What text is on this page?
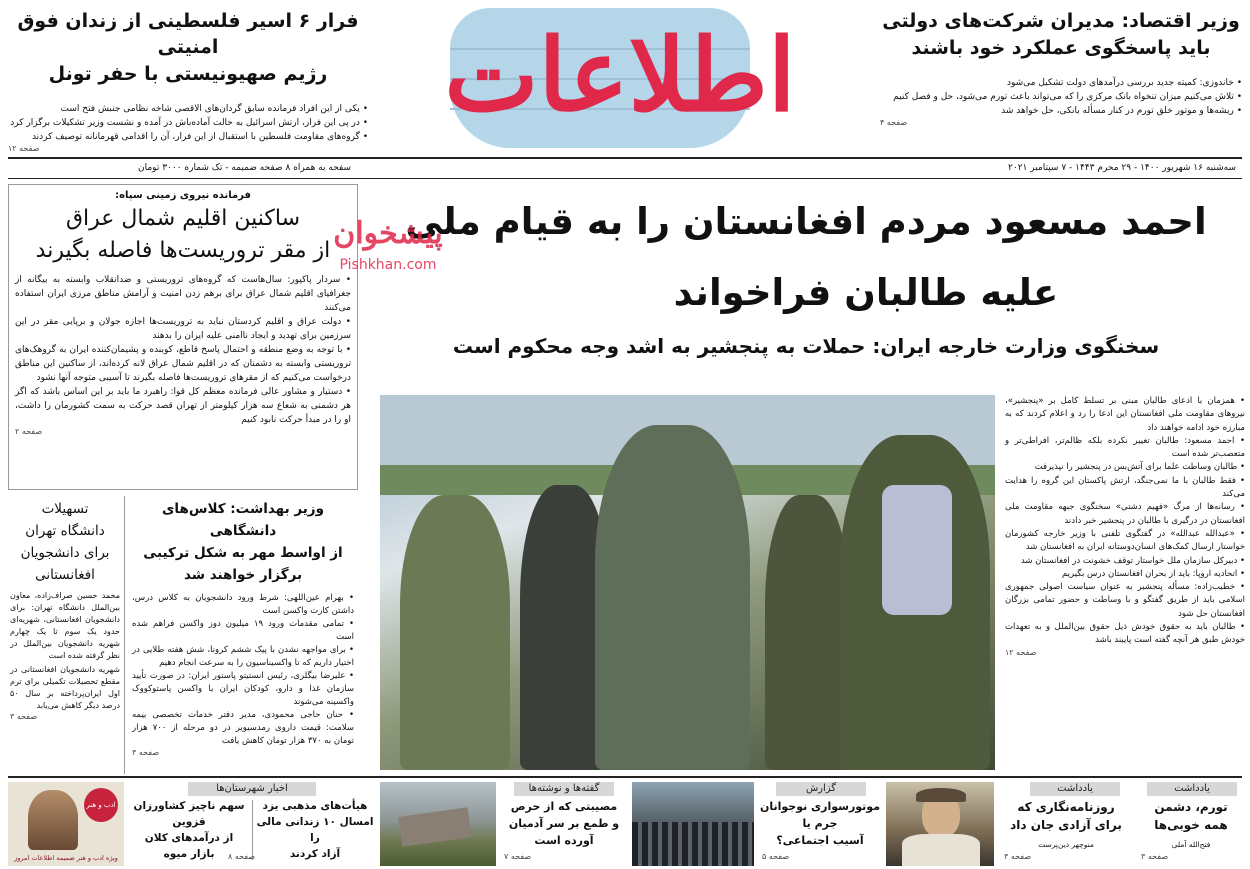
اطلاعات
فرار ۶ اسیر فلسطینی از زندان فوق امنیتی
رژیم صهیونیستی با حفر تونل
• یکی از این افراد فرمانده سابق گردان‌های الاقصی شاخه نظامی جنبش فتح است
• در پی این فرار، ارتش اسرائیل به حالت آماده‌باش در آمده و نشست وزیر تشکیلات برگزار کرد
• گروه‌های مقاومت فلسطین با استقبال از این فرار، آن را اقدامی قهرمانانه توصیف کردند
صفحه ۱۲
وزیر اقتصاد: مدیران شرکت‌های دولتی
باید پاسخگوی عملکرد خود باشند
• خاندوزی: کمیته جدید بررسی درآمدهای دولت تشکیل می‌شود
• تلاش می‌کنیم میزان تنخواه بانک مرکزی را که می‌تواند باعث تورم می‌شود، حل و فصل کنیم
• ریشه‌ها و موتور خلق تورم در کنار مسأله بانکی، حل خواهد شد
صفحه ۴
سه‌شنبه ۱۶ شهریور ۱۴۰۰ - ۲۹ محرم ۱۴۴۳ - ۷ سپتامبر ۲۰۲۱
سفحه به همراه ۸ صفحه ضمیمه - تک شماره ۳۰۰۰ تومان
فرمانده نیروی زمینی سپاه:
ساکنین اقلیم شمال عراق
از مقر تروریست‌ها فاصله بگیرند
• سردار پاکپور: سال‌هاست که گروه‌های تروریستی و ضدانقلاب وابسته به بیگانه از جغرافیای اقلیم شمال عراق برای برهم زدن امنیت و آرامش مناطق مرزی ایران استفاده می‌کنند
• دولت عراق و اقلیم کردستان نباید به تروریست‌ها اجازه جولان و برپایی مقر در این سرزمین برای تهدید و ایجاد ناامنی علیه ایران را بدهند
• با توجه به وضع منطقه و احتمال پاسخ قاطع، کوبنده و پشیمان‌کننده ایران به گروهک‌های تروریستی وابسته به دشمنان که در اقلیم شمال عراق لانه کرده‌اند، از ساکنین این مناطق درخواست می‌کنیم که از مقرهای تروریست‌ها فاصله بگیرند تا آسیبی متوجه آنها نشود
• دستیار و مشاور عالی فرمانده معظم کل قوا: راهبرد ما باید بر این اساس باشد که اگر هر دشمنی به شعاع سه هزار کیلومتر از تهران قصد حرکت به سمت کشورمان را داشت، او را در مبدأ حرکت نابود کنیم
صفحه ۲
وزیر بهداشت: کلاس‌های دانشگاهی
از اواسط مهر به شکل ترکیبی
برگزار خواهند شد
• بهرام عین‌اللهی: شرط ورود دانشجویان به کلاس درس، داشتن کارت واکسن است
• تمامی مقدمات ورود ۱۹ میلیون دوز واکسن فراهم شده است
• برای مواجهه نشدن با پیک ششم کرونا، شش هفته طلایی در اختیار داریم که تا واکسیناسیون را به سرعت انجام دهیم
• علیرضا بیگلری، رئیس انستیتو پاستور ایران: در صورت تأیید سازمان غذا و دارو، کودکان ایران با واکسن پاستوکووک واکسینه می‌شوند
• حنان حاجی محمودی، مدیر دفتر خدمات تخصصی بیمه سلامت: قیمت داروی رمدسیویر در دو مرحله از ۷۰۰ هزار تومان به ۳۷۰ هزار تومان کاهش یافت
صفحه ۳
تسهیلات
دانشگاه تهران
برای دانشجویان
افغانستانی
محمد حسین صراف‌زاده، معاون بین‌الملل دانشگاه تهران: برای دانشجویان افغانستانی، شهریه‌ای حدود یک سوم تا یک چهارم شهریه دانشجویان بین‌الملل در نظر گرفته شده است
شهریه دانشجویان افغانستانی در مقطع تحصیلات تکمیلی برای ترم اول ایران‌پرداخته بر سال ۵۰ درصد دیگر کاهش می‌یابد
صفحه ۳
احمد مسعود مردم افغانستان را به قیام ملی
علیه طالبان فراخواند
سخنگوی وزارت خارجه ایران: حملات به پنجشیر به اشد وجه محکوم است
پیشخوان
Pishkhan.com
• همزمان با ادعای طالبان مبنی بر تسلط کامل بر «پنجشیر»، نیروهای مقاومت ملی افغانستان این ادعا را رد و اعلام کردند که به مبارزه خود ادامه خواهند داد
• احمد مسعود: طالبان تغییر نکرده بلکه ظالم‌تر، افراطی‌تر و متعصب‌تر شده است
• طالبان وساطت علما برای آتش‌بس در پنجشیر را نپذیرفت
• فقط طالبان با ما نمی‌جنگد، ارتش پاکستان این گروه را هدایت می‌کند
• رسانه‌ها از مرگ «فهیم دشتی» سخنگوی جبهه مقاومت ملی افغانستان در درگیری با طالبان در پنجشیر خبر دادند
• «عبدالله عبدالله» در گفتگوی تلفنی با وزیر خارجه کشورمان خواستار ارسال کمک‌های انسان‌دوستانه ایران به افغانستان شد
• دبیرکل سازمان ملل خواستار توقف خشونت در افغانستان شد
• اتحادیه اروپا: باید از بحران افغانستان درس بگیریم
• خطیب‌زاده: مسأله پنجشیر به عنوان سیاست اصولی جمهوری اسلامی باید از طریق گفتگو و با وساطت و حضور تمامی بزرگان افغانستان حل شود
• طالبان باید به حقوق خودش ذیل حقوق بین‌الملل و به تعهدات خودش طبق هر آنچه گفته است پایبند باشد
صفحه ۱۲
یادداشت
تورم، دشمن
همه خوبی‌ها
فتح‌الله آملی
صفحه ۳
یادداشت
روزنامه‌نگاری که
برای آزادی جان داد
منوچهر دین‌پرست
صفحه ۳
گزارش
موتورسواری نوجوانان
جرم یا
آسیب اجتماعی؟
صفحه ۵
گفته‌ها و نوشته‌ها
مصیبتی که از حرص
و طمع بر سر آدمیان
آورده است
صفحه ۷
اخبار شهرستان‌ها
هیأت‌های مذهبی یزد
امسال ۱۰ زندانی مالی را
آزاد کردند
سهم ناچیز کشاورزان قزوین
از درآمدهای کلان
بازار میوه	صفحه ۸
ادب و هنر
ویژه ادب و هنر ضمیمه اطلاعات امروز
